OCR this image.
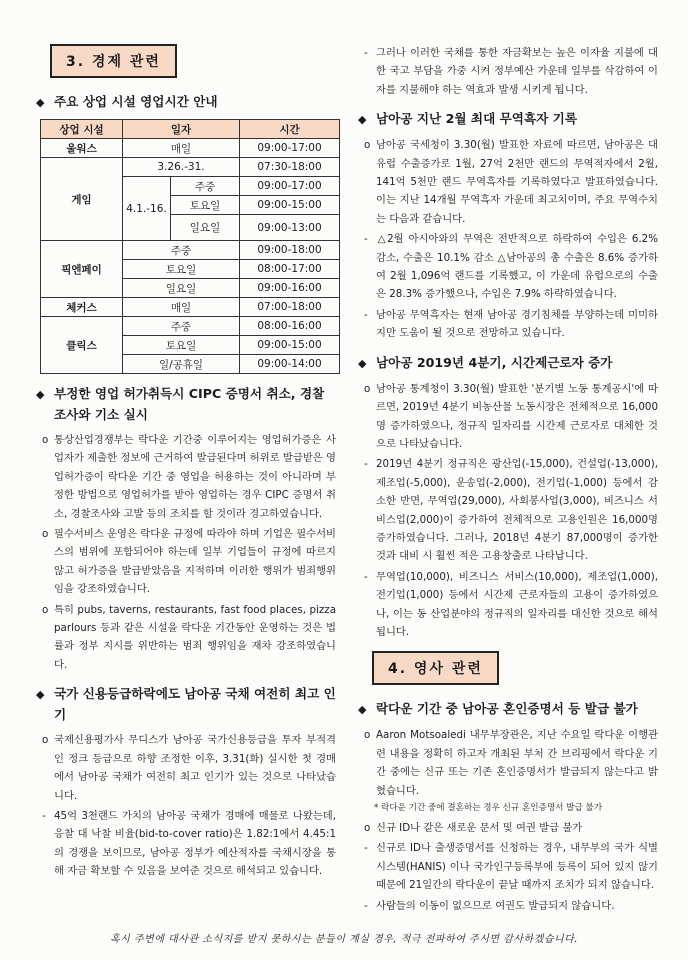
3. 경제 관련
◆ 주요 상업 시설 영업시간 안내
상업 시설	일자		시간
울워스	매일		09:00-17:00
게임	3.26.-31.		07:30-18:00
	4.1.-16.	주중	09:00-17:00
		토요일	09:00-15:00
		일요일	09:00-13:00
픽엔페이	주중		09:00-18:00
	토요일		08:00-17:00
	일요일		09:00-16:00
체커스	매일		07:00-18:00
클릭스	주중		08:00-16:00
	토요일		09:00-15:00
	일/공휴일		09:00-14:00
◆ 부정한 영업 허가취득시 CIPC 증명서 취소, 경찰조사와 기소 실시
o 통상산업경쟁부는 락다운 기간중 이루어지는 영업허가증은 사업자가 제출한 정보에 근거하여 발급된다며 허위로 발급받은 영업허가증이 락다운 기간 중 영업을 허용하는 것이 아니라며 부정한 방법으로 영업허가를 받아 영업하는 경우 CIPC 증명서 취소, 경찰조사와 고발 등의 조치를 할 것이라 경고하였습니다.
o 필수서비스 운영은 락다운 규정에 따라야 하며 기업은 필수서비스의 범위에 포함되어야 하는데 일부 기업들이 규정에 따르지 않고 허가증을 발급받았음을 지적하며 이러한 행위가 범죄행위임을 강조하였습니다.
o 특히 pubs, taverns, restaurants, fast food places, pizza parlours 등과 같은 시설을 락다운 기간동안 운영하는 것은 법률과 정부 지시를 위반하는 범죄 행위임을 재차 강조하였습니다.
◆ 국가 신용등급하락에도 남아공 국채 여전히 최고 인기
o 국제신용평가사 무디스가 남아공 국가신용등급을 투자 부적격인 정크 등급으로 하향 조정한 이후, 3.31(화) 실시한 첫 경매에서 남아공 국채가 여전히 최고 인기가 있는 것으로 나타났습니다.
- 45억 3천랜드 가치의 남아공 국채가 경매에 매물로 나왔는데, 응찰 대 낙찰 비율(bid-to-cover ratio)은 1.82:1에서 4.45:1의 경쟁을 보이므로, 남아공 정부가 예산적자를 국채시장을 통해 자금 확보할 수 있음을 보여준 것으로 해석되고 있습니다.
- 그러나 이러한 국채를 통한 자금확보는 높은 이자율 지불에 대한 국고 부담을 가중 시켜 정부예산 가운데 일부를 삭감하여 이자를 지불해야 하는 역효과 발생 시키게 됩니다.
◆ 남아공 지난 2월 최대 무역흑자 기록
o 남아공 국세청이 3.30(월) 발표한 자료에 따르면, 남아공은 대유럽 수출증가로 1월, 27억 2천만 랜드의 무역적자에서 2월, 141억 5천만 랜드 무역흑자를 기록하였다고 발표하였습니다. 이는 지난 14개월 무역흑자 가운데 최고치이며, 주요 무역수치는 다음과 같습니다.
- △2월 아시아와의 무역은 전반적으로 하락하여 수입은 6.2% 감소, 수출은 10.1% 감소 △남아공의 총 수출은 8.6% 증가하여 2월 1,096억 랜드를 기록했고, 이 가운데 유럽으로의 수출은 28.3% 증가했으나, 수입은 7.9% 하락하였습니다.
- 남아공 무역흑자는 현재 남아공 경기침체를 부양하는데 미미하지만 도움이 될 것으로 전망하고 있습니다.
◆ 남아공 2019년 4분기, 시간제근로자 증가
o 남아공 통계청이 3.30(월) 발표한 '분기별 노동 통계공시'에 따르면, 2019년 4분기 비농산물 노동시장은 전체적으로 16,000명 증가하였으나, 정규직 일자리를 시간제 근로자로 대체한 것으로 나타났습니다.
- 2019년 4분기 정규직은 광산업(-15,000), 건설업(-13,000), 제조업(-5,000), 운송업(-2,000), 전기업(-1,000) 등에서 감소한 반면, 무역업(29,000), 사회봉사업(3,000), 비즈니스 서비스업(2,000)이 증가하여 전체적으로 고용인원은 16,000명 증가하였습니다. 그러나, 2018년 4분기 87,000명이 증가한 것과 대비 시 훨씬 적은 고용창출로 나타납니다.
- 무역업(10,000), 비즈니스 서비스(10,000), 제조업(1,000), 전기업(1,000) 등에서 시간제 근로자들의 고용이 증가하였으나, 이는 동 산업분야의 정규직의 일자리를 대신한 것으로 해석됩니다.
4. 영사 관련
◆ 락다운 기간 중 남아공 혼인증명서 등 발급 불가
o Aaron Motsoaledi 내무부장관은, 지난 수요일 락다운 이행관련 내용을 정확히 하고자 개최된 부처 간 브리핑에서 락다운 기간 중에는 신규 또는 기존 혼인증명서가 발급되지 않는다고 밝혔습니다.
* 락다운 기간 중에 결혼하는 경우 신규 혼인증명서 발급 불가
o 신규 ID나 같은 새로운 문서 및 여권 발급 불가
- 신규로 ID나 출생증명서를 신청하는 경우, 내무부의 국가 식별시스템(HANIS) 이나 국가인구등록부에 등록이 되어 있지 않기 때문에 21일간의 락다운이 끝날 때까지 조치가 되지 않습니다.
- 사람들의 이동이 없으므로 여권도 발급되지 않습니다.
혹시 주변에 대사관 소식지를 받지 못하시는 분들이 계실 경우, 적극 전파하여 주시면 감사하겠습니다.
